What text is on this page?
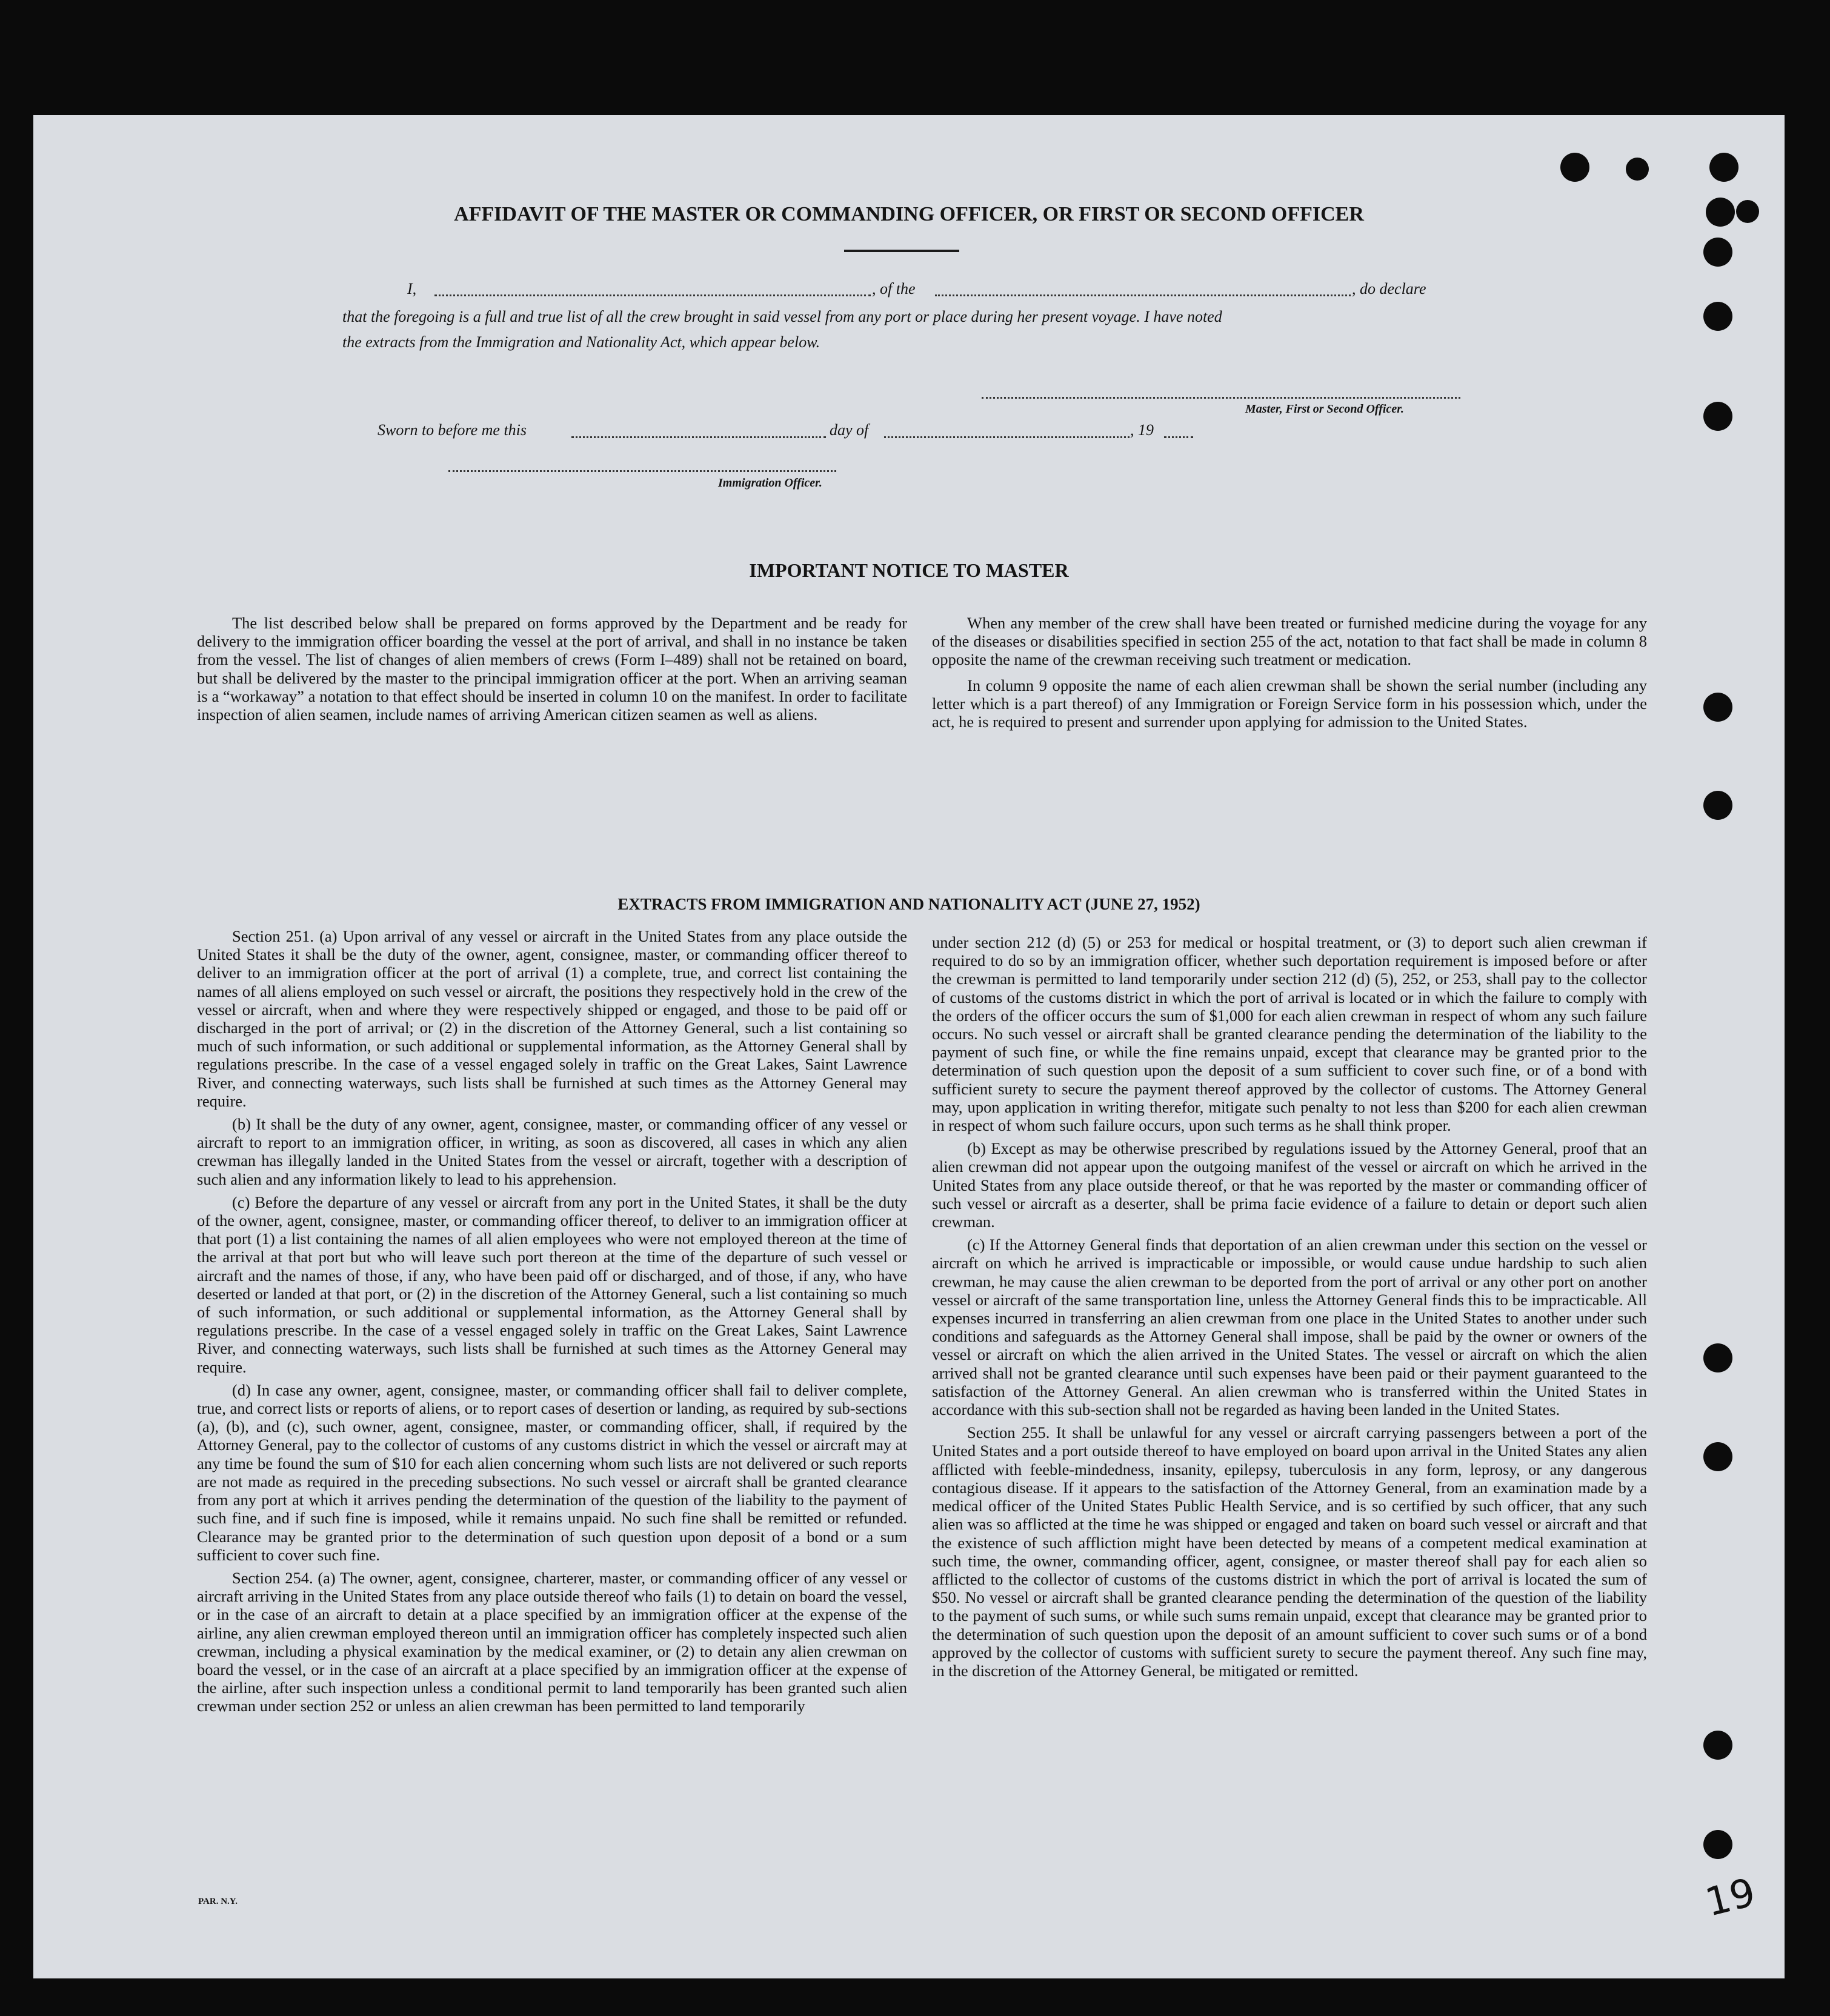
AFFIDAVIT OF THE MASTER OR COMMANDING OFFICER, OR FIRST OR SECOND OFFICER
I,	, of the	, do declare
that the foregoing is a full and true list of all the crew brought in said vessel from any port or place during her present voyage. I have noted
the extracts from the Immigration and Nationality Act, which appear below.
Master, First or Second Officer.
Sworn to before me this	day of	, 19
Immigration Officer.
IMPORTANT NOTICE TO MASTER

The list described below shall be prepared on forms approved by the Department and be ready for delivery to the immigration officer boarding the vessel at the port of arrival, and shall in no instance be taken from the vessel. The list of changes of alien members of crews (Form I–489) shall not be retained on board, but shall be delivered by the master to the principal immigration officer at the port. When an arriving seaman is a “workaway” a notation to that effect should be inserted in column 10 on the manifest. In order to facilitate inspection of alien seamen, include names of arriving American citizen seamen as well as aliens.

When any member of the crew shall have been treated or furnished medicine during the voyage for any of the diseases or disabilities specified in section 255 of the act, notation to that fact shall be made in column 8 opposite the name of the crewman receiving such treatment or medication.

In column 9 opposite the name of each alien crewman shall be shown the serial number (including any letter which is a part thereof) of any Immigration or Foreign Service form in his possession which, under the act, he is required to present and surrender upon applying for admission to the United States.

EXTRACTS FROM IMMIGRATION AND NATIONALITY ACT (JUNE 27, 1952)

Section 251. (a) Upon arrival of any vessel or aircraft in the United States from any place outside the United States it shall be the duty of the owner, agent, consignee, master, or commanding officer thereof to deliver to an immigration officer at the port of arrival (1) a complete, true, and correct list containing the names of all aliens employed on such vessel or aircraft, the positions they respectively hold in the crew of the vessel or aircraft, when and where they were respectively shipped or engaged, and those to be paid off or discharged in the port of arrival; or (2) in the discretion of the Attorney General, such a list containing so much of such information, or such additional or supplemental information, as the Attorney General shall by regulations prescribe. In the case of a vessel engaged solely in traffic on the Great Lakes, Saint Lawrence River, and connecting waterways, such lists shall be furnished at such times as the Attorney General may require.

(b) It shall be the duty of any owner, agent, consignee, master, or commanding officer of any vessel or aircraft to report to an immigration officer, in writing, as soon as discovered, all cases in which any alien crewman has illegally landed in the United States from the vessel or aircraft, together with a description of such alien and any information likely to lead to his apprehension.

(c) Before the departure of any vessel or aircraft from any port in the United States, it shall be the duty of the owner, agent, consignee, master, or commanding officer thereof, to deliver to an immigration officer at that port (1) a list containing the names of all alien employees who were not employed thereon at the time of the arrival at that port but who will leave such port thereon at the time of the departure of such vessel or aircraft and the names of those, if any, who have been paid off or discharged, and of those, if any, who have deserted or landed at that port, or (2) in the discretion of the Attorney General, such a list containing so much of such information, or such additional or supplemental information, as the Attorney General shall by regulations prescribe. In the case of a vessel engaged solely in traffic on the Great Lakes, Saint Lawrence River, and connecting waterways, such lists shall be furnished at such times as the Attorney General may require.

(d) In case any owner, agent, consignee, master, or commanding officer shall fail to deliver complete, true, and correct lists or reports of aliens, or to report cases of desertion or landing, as required by sub-sections (a), (b), and (c), such owner, agent, consignee, master, or commanding officer, shall, if required by the Attorney General, pay to the collector of customs of any customs district in which the vessel or aircraft may at any time be found the sum of $10 for each alien concerning whom such lists are not delivered or such reports are not made as required in the preceding subsections. No such vessel or aircraft shall be granted clearance from any port at which it arrives pending the determination of the question of the liability to the payment of such fine, and if such fine is imposed, while it remains unpaid. No such fine shall be remitted or refunded. Clearance may be granted prior to the determination of such question upon deposit of a bond or a sum sufficient to cover such fine.

Section 254. (a) The owner, agent, consignee, charterer, master, or commanding officer of any vessel or aircraft arriving in the United States from any place outside thereof who fails (1) to detain on board the vessel, or in the case of an aircraft to detain at a place specified by an immigration officer at the expense of the airline, any alien crewman employed thereon until an immigration officer has completely inspected such alien crewman, including a physical examination by the medical examiner, or (2) to detain any alien crewman on board the vessel, or in the case of an aircraft at a place specified by an immigration officer at the expense of the airline, after such inspection unless a conditional permit to land temporarily has been granted such alien crewman under section 252 or unless an alien crewman has been permitted to land temporarily

under section 212 (d) (5) or 253 for medical or hospital treatment, or (3) to deport such alien crewman if required to do so by an immigration officer, whether such deportation requirement is imposed before or after the crewman is permitted to land temporarily under section 212 (d) (5), 252, or 253, shall pay to the collector of customs of the customs district in which the port of arrival is located or in which the failure to comply with the orders of the officer occurs the sum of $1,000 for each alien crewman in respect of whom any such failure occurs. No such vessel or aircraft shall be granted clearance pending the determination of the liability to the payment of such fine, or while the fine remains unpaid, except that clearance may be granted prior to the determination of such question upon the deposit of a sum sufficient to cover such fine, or of a bond with sufficient surety to secure the payment thereof approved by the collector of customs. The Attorney General may, upon application in writing therefor, mitigate such penalty to not less than $200 for each alien crewman in respect of whom such failure occurs, upon such terms as he shall think proper.

(b) Except as may be otherwise prescribed by regulations issued by the Attorney General, proof that an alien crewman did not appear upon the outgoing manifest of the vessel or aircraft on which he arrived in the United States from any place outside thereof, or that he was reported by the master or commanding officer of such vessel or aircraft as a deserter, shall be prima facie evidence of a failure to detain or deport such alien crewman.

(c) If the Attorney General finds that deportation of an alien crewman under this section on the vessel or aircraft on which he arrived is impracticable or impossible, or would cause undue hardship to such alien crewman, he may cause the alien crewman to be deported from the port of arrival or any other port on another vessel or aircraft of the same transportation line, unless the Attorney General finds this to be impracticable. All expenses incurred in transferring an alien crewman from one place in the United States to another under such conditions and safeguards as the Attorney General shall impose, shall be paid by the owner or owners of the vessel or aircraft on which the alien arrived in the United States. The vessel or aircraft on which the alien arrived shall not be granted clearance until such expenses have been paid or their payment guaranteed to the satisfaction of the Attorney General. An alien crewman who is transferred within the United States in accordance with this sub-section shall not be regarded as having been landed in the United States.

Section 255. It shall be unlawful for any vessel or aircraft carrying passengers between a port of the United States and a port outside thereof to have employed on board upon arrival in the United States any alien afflicted with feeble-mindedness, insanity, epilepsy, tuberculosis in any form, leprosy, or any dangerous contagious disease. If it appears to the satisfaction of the Attorney General, from an examination made by a medical officer of the United States Public Health Service, and is so certified by such officer, that any such alien was so afflicted at the time he was shipped or engaged and taken on board such vessel or aircraft and that the existence of such affliction might have been detected by means of a competent medical examination at such time, the owner, commanding officer, agent, consignee, or master thereof shall pay for each alien so afflicted to the collector of customs of the customs district in which the port of arrival is located the sum of $50. No vessel or aircraft shall be granted clearance pending the determination of the question of the liability to the payment of such sums, or while such sums remain unpaid, except that clearance may be granted prior to the determination of such question upon the deposit of an amount sufficient to cover such sums or of a bond approved by the collector of customs with sufficient surety to secure the payment thereof. Any such fine may, in the discretion of the Attorney General, be mitigated or remitted.

PAR. N.Y.	19
